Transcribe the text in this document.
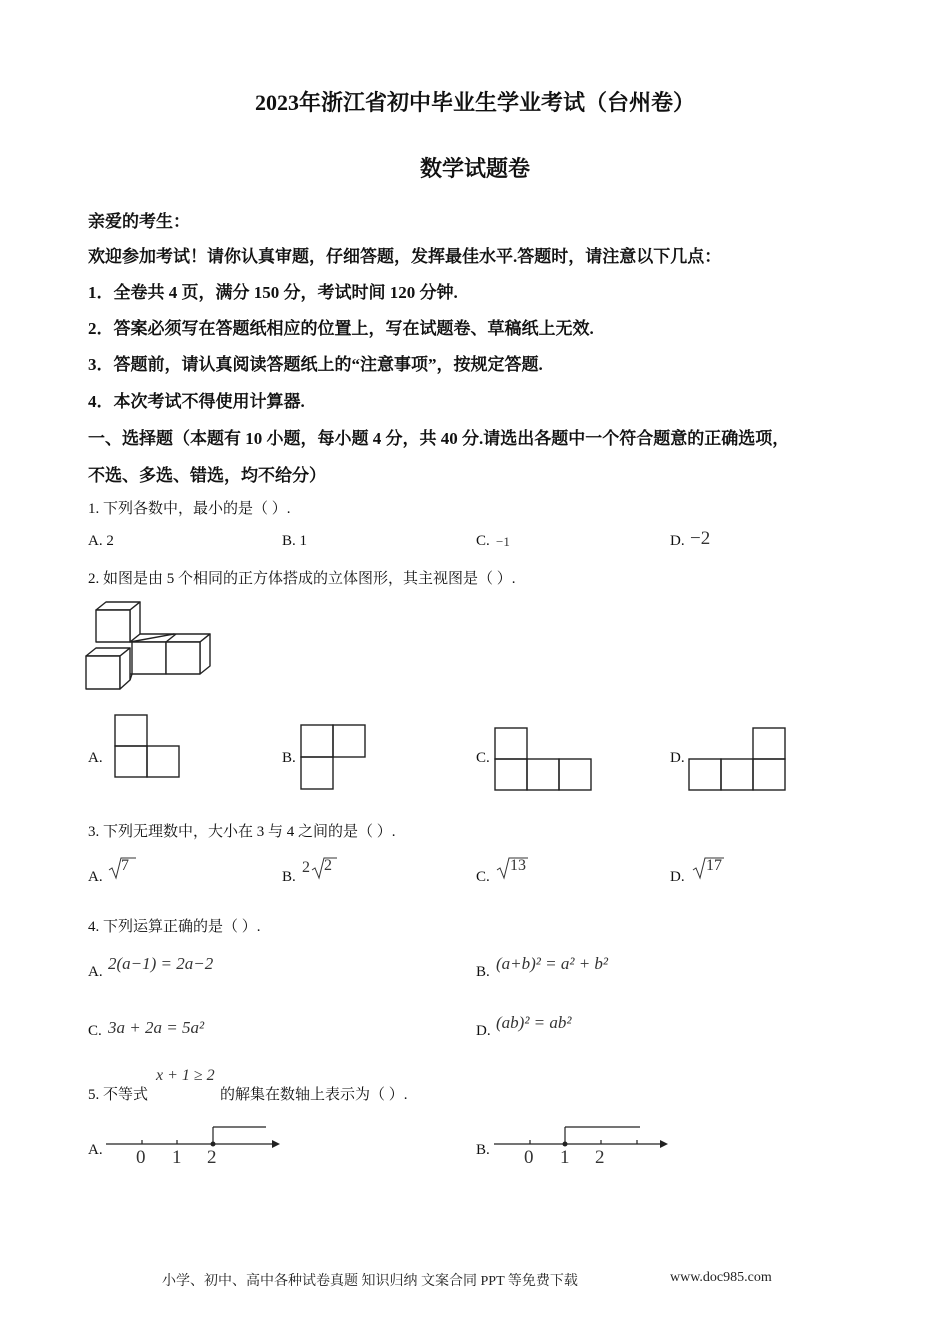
2023年浙江省初中毕业生学业考试（台州卷）
数学试题卷
亲爱的考生：
欢迎参加考试！请你认真审题，仔细答题，发挥最佳水平.答题时，请注意以下几点：
1．全卷共 4 页，满分 150 分，考试时间 120 分钟.
2．答案必须写在答题纸相应的位置上，写在试题卷、草稿纸上无效.
3．答题前，请认真阅读答题纸上的“注意事项”，按规定答题.
4．本次考试不得使用计算器.
一、选择题（本题有 10 小题，每小题 4 分，共 40 分.请选出各题中一个符合题意的正确选项，
不选、多选、错选，均不给分）
1. 下列各数中，最小的是（ ）.
A. 2	B. 1	C. −1	D. −2
2. 如图是由 5 个相同的正方体搭成的立体图形，其主视图是（ ）.
A.	B.	C.	D.
3. 下列无理数中，大小在 3 与 4 之间的是（ ）.
A.
7
B.
2 2
C.
13
D.
17
4. 下列运算正确的是（ ）.
A. 2(a−1) = 2a−2	B. (a+b)² = a² + b²
C. 3a + 2a = 5a²	D. (ab)² = ab²
5. 不等式
x + 1 ≥ 2
的解集在数轴上表示为（ ）.
A. 0 1 2	B. 0 1 2
小学、初中、高中各种试卷真题 知识归纳 文案合同 PPT 等免费下载	www.doc985.com
